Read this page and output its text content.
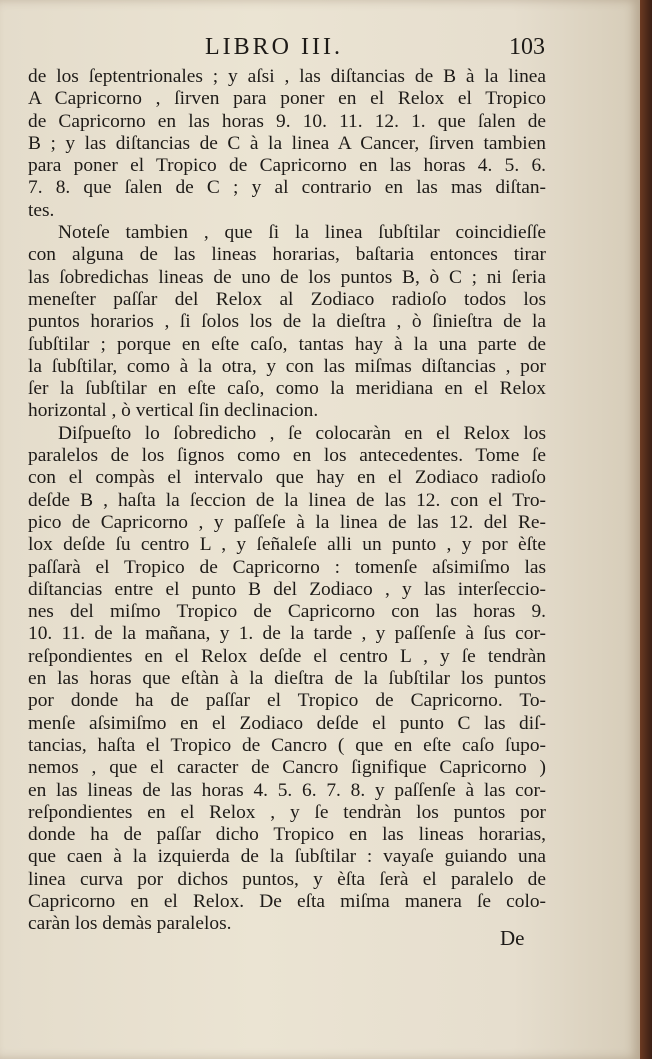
LIBRO III.	103
de los ſeptentrionales ; y aſsi , las diſtancias de B à la linea
A Capricorno , ſirven para poner en el Relox el Tropico
de Capricorno en las horas 9. 10. 11. 12. 1. que ſalen de
B ; y las diſtancias de C à la linea A Cancer, ſirven tambien
para poner el Tropico de Capricorno en las horas 4. 5. 6.
7. 8. que ſalen de C ; y al contrario en las mas diſtan-
tes.
Noteſe tambien , que ſi la linea ſubſtilar coincidieſſe
con alguna de las lineas horarias, baſtaria entonces tirar
las ſobredichas lineas de uno de los puntos B, ò C ; ni ſeria
meneſter paſſar del Relox al Zodiaco radioſo todos los
puntos horarios , ſi ſolos los de la dieſtra , ò ſinieſtra de la
ſubſtilar ; porque en eſte caſo, tantas hay à la una parte de
la ſubſtilar, como à la otra, y con las miſmas diſtancias , por
ſer la ſubſtilar en eſte caſo, como la meridiana en el Relox
horizontal , ò vertical ſin declinacion.
Diſpueſto lo ſobredicho , ſe colocaràn en el Relox los
paralelos de los ſignos como en los antecedentes. Tome ſe
con el compàs el intervalo que hay en el Zodiaco radioſo
deſde B , haſta la ſeccion de la linea de las 12. con el Tro-
pico de Capricorno , y paſſeſe à la linea de las 12. del Re-
lox deſde ſu centro L , y ſeñaleſe alli un punto , y por èſte
paſſarà el Tropico de Capricorno : tomenſe aſsimiſmo las
diſtancias entre el punto B del Zodiaco , y las interſeccio-
nes del miſmo Tropico de Capricorno con las horas 9.
10. 11. de la mañana, y 1. de la tarde , y paſſenſe à ſus cor-
reſpondientes en el Relox deſde el centro L , y ſe tendràn
en las horas que eſtàn à la dieſtra de la ſubſtilar los puntos
por donde ha de paſſar el Tropico de Capricorno. To-
menſe aſsimiſmo en el Zodiaco deſde el punto C las diſ-
tancias, haſta el Tropico de Cancro ( que en eſte caſo ſupo-
nemos , que el caracter de Cancro ſignifique Capricorno )
en las lineas de las horas 4. 5. 6. 7. 8. y paſſenſe à las cor-
reſpondientes en el Relox , y ſe tendràn los puntos por
donde ha de paſſar dicho Tropico en las lineas horarias,
que caen à la izquierda de la ſubſtilar : vayaſe guiando una
linea curva por dichos puntos, y èſta ſerà el paralelo de
Capricorno en el Relox. De eſta miſma manera ſe colo-
caràn los demàs paralelos.
De
